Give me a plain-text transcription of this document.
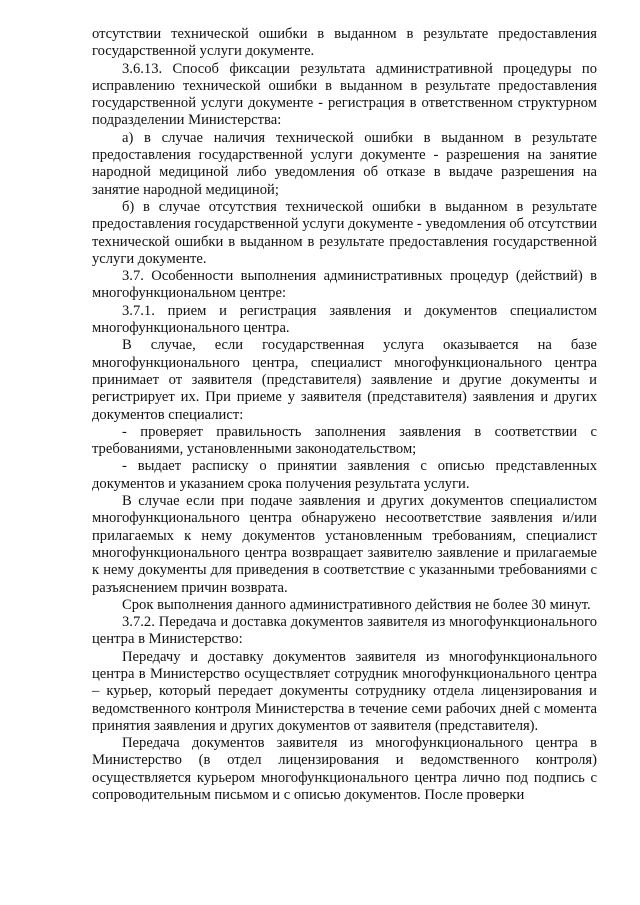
отсутствии технической ошибки в выданном в результате предоставления государственной услуги документе.

3.6.13. Способ фиксации результата административной процедуры по исправлению технической ошибки в выданном в результате предоставления государственной услуги документе - регистрация в ответственном структурном подразделении Министерства:

а) в случае наличия технической ошибки в выданном в результате предоставления государственной услуги документе - разрешения на занятие народной медициной либо уведомления об отказе в выдаче разрешения на занятие народной медициной;

б) в случае отсутствия технической ошибки в выданном в результате предоставления государственной услуги документе - уведомления об отсутствии технической ошибки в выданном в результате предоставления государственной услуги документе.

3.7. Особенности выполнения административных процедур (действий) в многофункциональном центре:

3.7.1. прием и регистрация заявления и документов специалистом многофункционального центра.

В случае, если государственная услуга оказывается на базе многофункционального центра, специалист многофункционального центра принимает от заявителя (представителя) заявление и другие документы и регистрирует их. При приеме у заявителя (представителя) заявления и других документов специалист:

- проверяет правильность заполнения заявления в соответствии с требованиями, установленными законодательством;

- выдает расписку о принятии заявления с описью представленных документов и указанием срока получения результата услуги.

В случае если при подаче заявления и других документов специалистом многофункционального центра обнаружено несоответствие заявления и/или прилагаемых к нему документов установленным требованиям, специалист многофункционального центра возвращает заявителю заявление и прилагаемые к нему документы для приведения в соответствие с указанными требованиями с разъяснением причин возврата.

Срок выполнения данного административного действия не более 30 минут.

3.7.2. Передача и доставка документов заявителя из многофункционального центра в Министерство:

Передачу и доставку документов заявителя из многофункционального центра в Министерство осуществляет сотрудник многофункционального центра – курьер, который передает документы сотруднику отдела лицензирования и ведомственного контроля Министерства в течение семи рабочих дней с момента принятия заявления и других документов от заявителя (представителя).

Передача документов заявителя из многофункционального центра в Министерство (в отдел лицензирования и ведомственного контроля) осуществляется курьером многофункционального центра лично под подпись с сопроводительным письмом и с описью документов. После проверки
